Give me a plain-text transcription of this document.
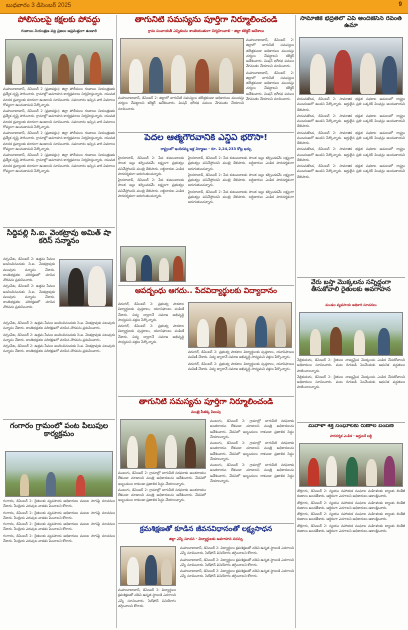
బుధవారం 3 డిసెంబర్ 2025	9
పోలీసులపై కక్షలకు పోవద్దు
గంజాయి నియంత్రణ పట్ల ప్రజలు అప్రమత్తంగా ఉండాలి

మహబూబాబాద్, డిసెంబర్ 2 (ప్రజాపక్షం): జిల్లా పోలీసులు గంజాయి నియంత్రణకు ప్రత్యేక దృష్టి సారించారు. గ్రామాల్లో అవగాహన కార్యక్రమాలు నిర్వహిస్తున్నారు. యువత మాదక ద్రవ్యాలకు దూరంగా ఉండాలని సూచించారు. సమాచారం ఇచ్చిన వారి వివరాలు గోప్యంగా ఉంచుతామని పేర్కొన్నారు.

మహబూబాబాద్, డిసెంబర్ 2 (ప్రజాపక్షం): జిల్లా పోలీసులు గంజాయి నియంత్రణకు ప్రత్యేక దృష్టి సారించారు. గ్రామాల్లో అవగాహన కార్యక్రమాలు నిర్వహిస్తున్నారు. యువత మాదక ద్రవ్యాలకు దూరంగా ఉండాలని సూచించారు. సమాచారం ఇచ్చిన వారి వివరాలు గోప్యంగా ఉంచుతామని పేర్కొన్నారు.

మహబూబాబాద్, డిసెంబర్ 2 (ప్రజాపక్షం): జిల్లా పోలీసులు గంజాయి నియంత్రణకు ప్రత్యేక దృష్టి సారించారు. గ్రామాల్లో అవగాహన కార్యక్రమాలు నిర్వహిస్తున్నారు. యువత మాదక ద్రవ్యాలకు దూరంగా ఉండాలని సూచించారు. సమాచారం ఇచ్చిన వారి వివరాలు గోప్యంగా ఉంచుతామని పేర్కొన్నారు.

మహబూబాబాద్, డిసెంబర్ 2 (ప్రజాపక్షం): జిల్లా పోలీసులు గంజాయి నియంత్రణకు ప్రత్యేక దృష్టి సారించారు. గ్రామాల్లో అవగాహన కార్యక్రమాలు నిర్వహిస్తున్నారు. యువత మాదక ద్రవ్యాలకు దూరంగా ఉండాలని సూచించారు. సమాచారం ఇచ్చిన వారి వివరాలు గోప్యంగా ఉంచుతామని పేర్కొన్నారు.

సిద్దిపల్లి సి.ఐ. వెంకట్రావు అమిత్ షా కరిస్ సన్మానం

నర్సంపేట, డిసెంబర్ 2: ఉత్తమ సేవలు అందించినందుకు సి.ఐ. వెంకట్రావుకు పలువురు సన్మానం చేశారు. శాంతిభద్రతల పరిరక్షణలో చూపిన చొరవను ప్రశంసించారు.

నర్సంపేట, డిసెంబర్ 2: ఉత్తమ సేవలు అందించినందుకు సి.ఐ. వెంకట్రావుకు పలువురు సన్మానం చేశారు. శాంతిభద్రతల పరిరక్షణలో చూపిన చొరవను ప్రశంసించారు.

నర్సంపేట, డిసెంబర్ 2: ఉత్తమ సేవలు అందించినందుకు సి.ఐ. వెంకట్రావుకు పలువురు సన్మానం చేశారు. శాంతిభద్రతల పరిరక్షణలో చూపిన చొరవను ప్రశంసించారు.

నర్సంపేట, డిసెంబర్ 2: ఉత్తమ సేవలు అందించినందుకు సి.ఐ. వెంకట్రావుకు పలువురు సన్మానం చేశారు. శాంతిభద్రతల పరిరక్షణలో చూపిన చొరవను ప్రశంసించారు.

నర్సంపేట, డిసెంబర్ 2: ఉత్తమ సేవలు అందించినందుకు సి.ఐ. వెంకట్రావుకు పలువురు సన్మానం చేశారు. శాంతిభద్రతల పరిరక్షణలో చూపిన చొరవను ప్రశంసించారు.

గంగారం గ్రామంలో పంట పిలుపుల కార్యక్రమం

గంగారం, డిసెంబర్ 2: రైతులకు వ్యవసాయ అధికారులు పంటల సాగుపై సూచనలు చేశారు. సేంద్రియ ఎరువుల వాడకం పెంచాలని కోరారు.

గంగారం, డిసెంబర్ 2: రైతులకు వ్యవసాయ అధికారులు పంటల సాగుపై సూచనలు చేశారు. సేంద్రియ ఎరువుల వాడకం పెంచాలని కోరారు.

గంగారం, డిసెంబర్ 2: రైతులకు వ్యవసాయ అధికారులు పంటల సాగుపై సూచనలు చేశారు. సేంద్రియ ఎరువుల వాడకం పెంచాలని కోరారు.

గంగారం, డిసెంబర్ 2: రైతులకు వ్యవసాయ అధికారులు పంటల సాగుపై సూచనలు చేశారు. సేంద్రియ ఎరువుల వాడకం పెంచాలని కోరారు.

తాగునీటి సమస్యను పూర్తిగా నిర్మూలించండి
గ్రామ పంచాయతీ ఎన్నికలను శాంతియుతంగా నిర్వహించాలి - జిల్లా కలెక్టర్ ఆదేశాలు

మహబూబాబాద్, డిసెంబర్ 2: జిల్లాలో తాగునీటి సమస్యలు తలెత్తకుండా అధికారులు ముందస్తు చర్యలు చేపట్టాలని కలెక్టర్ ఆదేశించారు. మిషన్ భగీరథ పనులు వేగవంతం చేయాలని సూచించారు.

మహబూబాబాద్, డిసెంబర్ 2: జిల్లాలో తాగునీటి సమస్యలు తలెత్తకుండా అధికారులు ముందస్తు చర్యలు చేపట్టాలని కలెక్టర్ ఆదేశించారు. మిషన్ భగీరథ పనులు వేగవంతం చేయాలని సూచించారు.

మహబూబాబాద్, డిసెంబర్ 2: జిల్లాలో తాగునీటి సమస్యలు తలెత్తకుండా అధికారులు ముందస్తు చర్యలు చేపట్టాలని కలెక్టర్ ఆదేశించారు. మిషన్ భగీరథ పనులు వేగవంతం చేయాలని సూచించారు.

పేదల ఆత్మగౌరవానికి ఎన్డీఏ భరోసా!
రాష్ట్రంలో ఇందిరమ్మ ఇళ్ల నిర్మాణం - రూ. 2,24,233 కోట్ల ఖర్చు

హైదరాబాద్, డిసెంబర్ 2: పేద కుటుంబాలకు సొంత ఇల్లు కల్పించడమే లక్ష్యంగా ప్రభుత్వం పనిచేస్తోందని మంత్రి తెలిపారు. లబ్ధిదారుల ఎంపిక పారదర్శకంగా జరుగుతుందన్నారు.

హైదరాబాద్, డిసెంబర్ 2: పేద కుటుంబాలకు సొంత ఇల్లు కల్పించడమే లక్ష్యంగా ప్రభుత్వం పనిచేస్తోందని మంత్రి తెలిపారు. లబ్ధిదారుల ఎంపిక పారదర్శకంగా జరుగుతుందన్నారు.

హైదరాబాద్, డిసెంబర్ 2: పేద కుటుంబాలకు సొంత ఇల్లు కల్పించడమే లక్ష్యంగా ప్రభుత్వం పనిచేస్తోందని మంత్రి తెలిపారు. లబ్ధిదారుల ఎంపిక పారదర్శకంగా జరుగుతుందన్నారు.

హైదరాబాద్, డిసెంబర్ 2: పేద కుటుంబాలకు సొంత ఇల్లు కల్పించడమే లక్ష్యంగా ప్రభుత్వం పనిచేస్తోందని మంత్రి తెలిపారు. లబ్ధిదారుల ఎంపిక పారదర్శకంగా జరుగుతుందన్నారు.

హైదరాబాద్, డిసెంబర్ 2: పేద కుటుంబాలకు సొంత ఇల్లు కల్పించడమే లక్ష్యంగా ప్రభుత్వం పనిచేస్తోందని మంత్రి తెలిపారు. లబ్ధిదారుల ఎంపిక పారదర్శకంగా జరుగుతుందన్నారు.

ఆపద్బంధు ఆగదు.. పేదవిద్యార్థులకు విద్యాదానం

వరంగల్, డిసెంబర్ 2: ప్రభుత్వ పాఠశాల విద్యార్థులకు పుస్తకాలు, యూనిఫాంలు పంపిణీ చేశారు. విద్య ద్వారానే సమాజ అభివృద్ధి సాధ్యమని వక్తలు పేర్కొన్నారు.

వరంగల్, డిసెంబర్ 2: ప్రభుత్వ పాఠశాల విద్యార్థులకు పుస్తకాలు, యూనిఫాంలు పంపిణీ చేశారు. విద్య ద్వారానే సమాజ అభివృద్ధి సాధ్యమని వక్తలు పేర్కొన్నారు.

వరంగల్, డిసెంబర్ 2: ప్రభుత్వ పాఠశాల విద్యార్థులకు పుస్తకాలు, యూనిఫాంలు పంపిణీ చేశారు. విద్య ద్వారానే సమాజ అభివృద్ధి సాధ్యమని వక్తలు పేర్కొన్నారు.

వరంగల్, డిసెంబర్ 2: ప్రభుత్వ పాఠశాల విద్యార్థులకు పుస్తకాలు, యూనిఫాంలు పంపిణీ చేశారు. విద్య ద్వారానే సమాజ అభివృద్ధి సాధ్యమని వక్తలు పేర్కొన్నారు.

తాగునీటి సమస్యను పూర్తిగా నిర్మూలించండి
మంత్రి సీతక్క పిలుపు

ములుగు, డిసెంబర్ 2: గ్రామాల్లో తాగునీటి సరఫరాకు అంతరాయం లేకుండా చూడాలని మంత్రి అధికారులను ఆదేశించారు. వేసవిలో ఇబ్బందులు రాకుండా ప్రణాళిక సిద్ధం చేయాలన్నారు.

ములుగు, డిసెంబర్ 2: గ్రామాల్లో తాగునీటి సరఫరాకు అంతరాయం లేకుండా చూడాలని మంత్రి అధికారులను ఆదేశించారు. వేసవిలో ఇబ్బందులు రాకుండా ప్రణాళిక సిద్ధం చేయాలన్నారు.

ములుగు, డిసెంబర్ 2: గ్రామాల్లో తాగునీటి సరఫరాకు అంతరాయం లేకుండా చూడాలని మంత్రి అధికారులను ఆదేశించారు. వేసవిలో ఇబ్బందులు రాకుండా ప్రణాళిక సిద్ధం చేయాలన్నారు.

ములుగు, డిసెంబర్ 2: గ్రామాల్లో తాగునీటి సరఫరాకు అంతరాయం లేకుండా చూడాలని మంత్రి అధికారులను ఆదేశించారు. వేసవిలో ఇబ్బందులు రాకుండా ప్రణాళిక సిద్ధం చేయాలన్నారు.

ములుగు, డిసెంబర్ 2: గ్రామాల్లో తాగునీటి సరఫరాకు అంతరాయం లేకుండా చూడాలని మంత్రి అధికారులను ఆదేశించారు. వేసవిలో ఇబ్బందులు రాకుండా ప్రణాళిక సిద్ధం చేయాలన్నారు.

క్రమశిక్షణతో కూడిన జీవనవిధానంతో లక్ష్యసాధన
జిల్లా ఎస్పీ సూచన - విద్యార్థులకు అవగాహన సదస్సు

మహబూబాబాద్, డిసెంబర్ 2: విద్యార్థులు క్రమశిక్షణతో చదివి ఉన్నత స్థాయికి ఎదగాలని ఎస్పీ సూచించారు. సెల్‌ఫోన్ వినియోగం తగ్గించాలని కోరారు.

మహబూబాబాద్, డిసెంబర్ 2: విద్యార్థులు క్రమశిక్షణతో చదివి ఉన్నత స్థాయికి ఎదగాలని ఎస్పీ సూచించారు. సెల్‌ఫోన్ వినియోగం తగ్గించాలని కోరారు.

మహబూబాబాద్, డిసెంబర్ 2: విద్యార్థులు క్రమశిక్షణతో చదివి ఉన్నత స్థాయికి ఎదగాలని ఎస్పీ సూచించారు. సెల్‌ఫోన్ వినియోగం తగ్గించాలని కోరారు.

మహబూబాబాద్, డిసెంబర్ 2: విద్యార్థులు క్రమశిక్షణతో చదివి ఉన్నత స్థాయికి ఎదగాలని ఎస్పీ సూచించారు. సెల్‌ఫోన్ వినియోగం తగ్గించాలని కోరారు.

సామాజిక భద్రతలో ఏపీ అందజేసిన రేవంత్ ఉమా

హనుమకొండ, డిసెంబర్ 2: సామాజిక భద్రత పథకాల అమలులో రాష్ట్రం ముందంజలో ఉందని పేర్కొన్నారు. అర్హులైన ప్రతి ఒక్కరికీ పింఛన్లు అందుతాయని తెలిపారు.

హనుమకొండ, డిసెంబర్ 2: సామాజిక భద్రత పథకాల అమలులో రాష్ట్రం ముందంజలో ఉందని పేర్కొన్నారు. అర్హులైన ప్రతి ఒక్కరికీ పింఛన్లు అందుతాయని తెలిపారు.

హనుమకొండ, డిసెంబర్ 2: సామాజిక భద్రత పథకాల అమలులో రాష్ట్రం ముందంజలో ఉందని పేర్కొన్నారు. అర్హులైన ప్రతి ఒక్కరికీ పింఛన్లు అందుతాయని తెలిపారు.

హనుమకొండ, డిసెంబర్ 2: సామాజిక భద్రత పథకాల అమలులో రాష్ట్రం ముందంజలో ఉందని పేర్కొన్నారు. అర్హులైన ప్రతి ఒక్కరికీ పింఛన్లు అందుతాయని తెలిపారు.

హనుమకొండ, డిసెంబర్ 2: సామాజిక భద్రత పథకాల అమలులో రాష్ట్రం ముందంజలో ఉందని పేర్కొన్నారు. అర్హులైన ప్రతి ఒక్కరికీ పింఛన్లు అందుతాయని తెలిపారు.

వేరు బస్తా మొక్కలను సన్నిద్దంగా తీసుకోవాలి రైతులకు అవగాహన
మండల వ్యవసాయ అధికారి సూచనలు

నెల్లికుదురు, డిసెంబర్ 2: రైతులు నాణ్యమైన మొక్కలను ఎంపిక చేసుకోవాలని అధికారులు సూచించారు. పంట దిగుబడి పెంచేందుకు ఆధునిక పద్ధతులు పాటించాలన్నారు.

నెల్లికుదురు, డిసెంబర్ 2: రైతులు నాణ్యమైన మొక్కలను ఎంపిక చేసుకోవాలని అధికారులు సూచించారు. పంట దిగుబడి పెంచేందుకు ఆధునిక పద్ధతులు పాటించాలన్నారు.

మహిళా శక్తి సంఘాలకు రుణాల పంపిణీ
పారదర్శక ఎంపిక - అర్హులకే లబ్ధి

తొర్రూరు, డిసెంబర్ 2: స్వయం సహాయక సంఘాల మహిళలకు బ్యాంకు లింకేజీ రుణాలు అందజేశారు. ఆర్థికంగా ఎదగాలని అధికారులు ఆకాంక్షించారు.

తొర్రూరు, డిసెంబర్ 2: స్వయం సహాయక సంఘాల మహిళలకు బ్యాంకు లింకేజీ రుణాలు అందజేశారు. ఆర్థికంగా ఎదగాలని అధికారులు ఆకాంక్షించారు.

తొర్రూరు, డిసెంబర్ 2: స్వయం సహాయక సంఘాల మహిళలకు బ్యాంకు లింకేజీ రుణాలు అందజేశారు. ఆర్థికంగా ఎదగాలని అధికారులు ఆకాంక్షించారు.

తొర్రూరు, డిసెంబర్ 2: స్వయం సహాయక సంఘాల మహిళలకు బ్యాంకు లింకేజీ రుణాలు అందజేశారు. ఆర్థికంగా ఎదగాలని అధికారులు ఆకాంక్షించారు.
